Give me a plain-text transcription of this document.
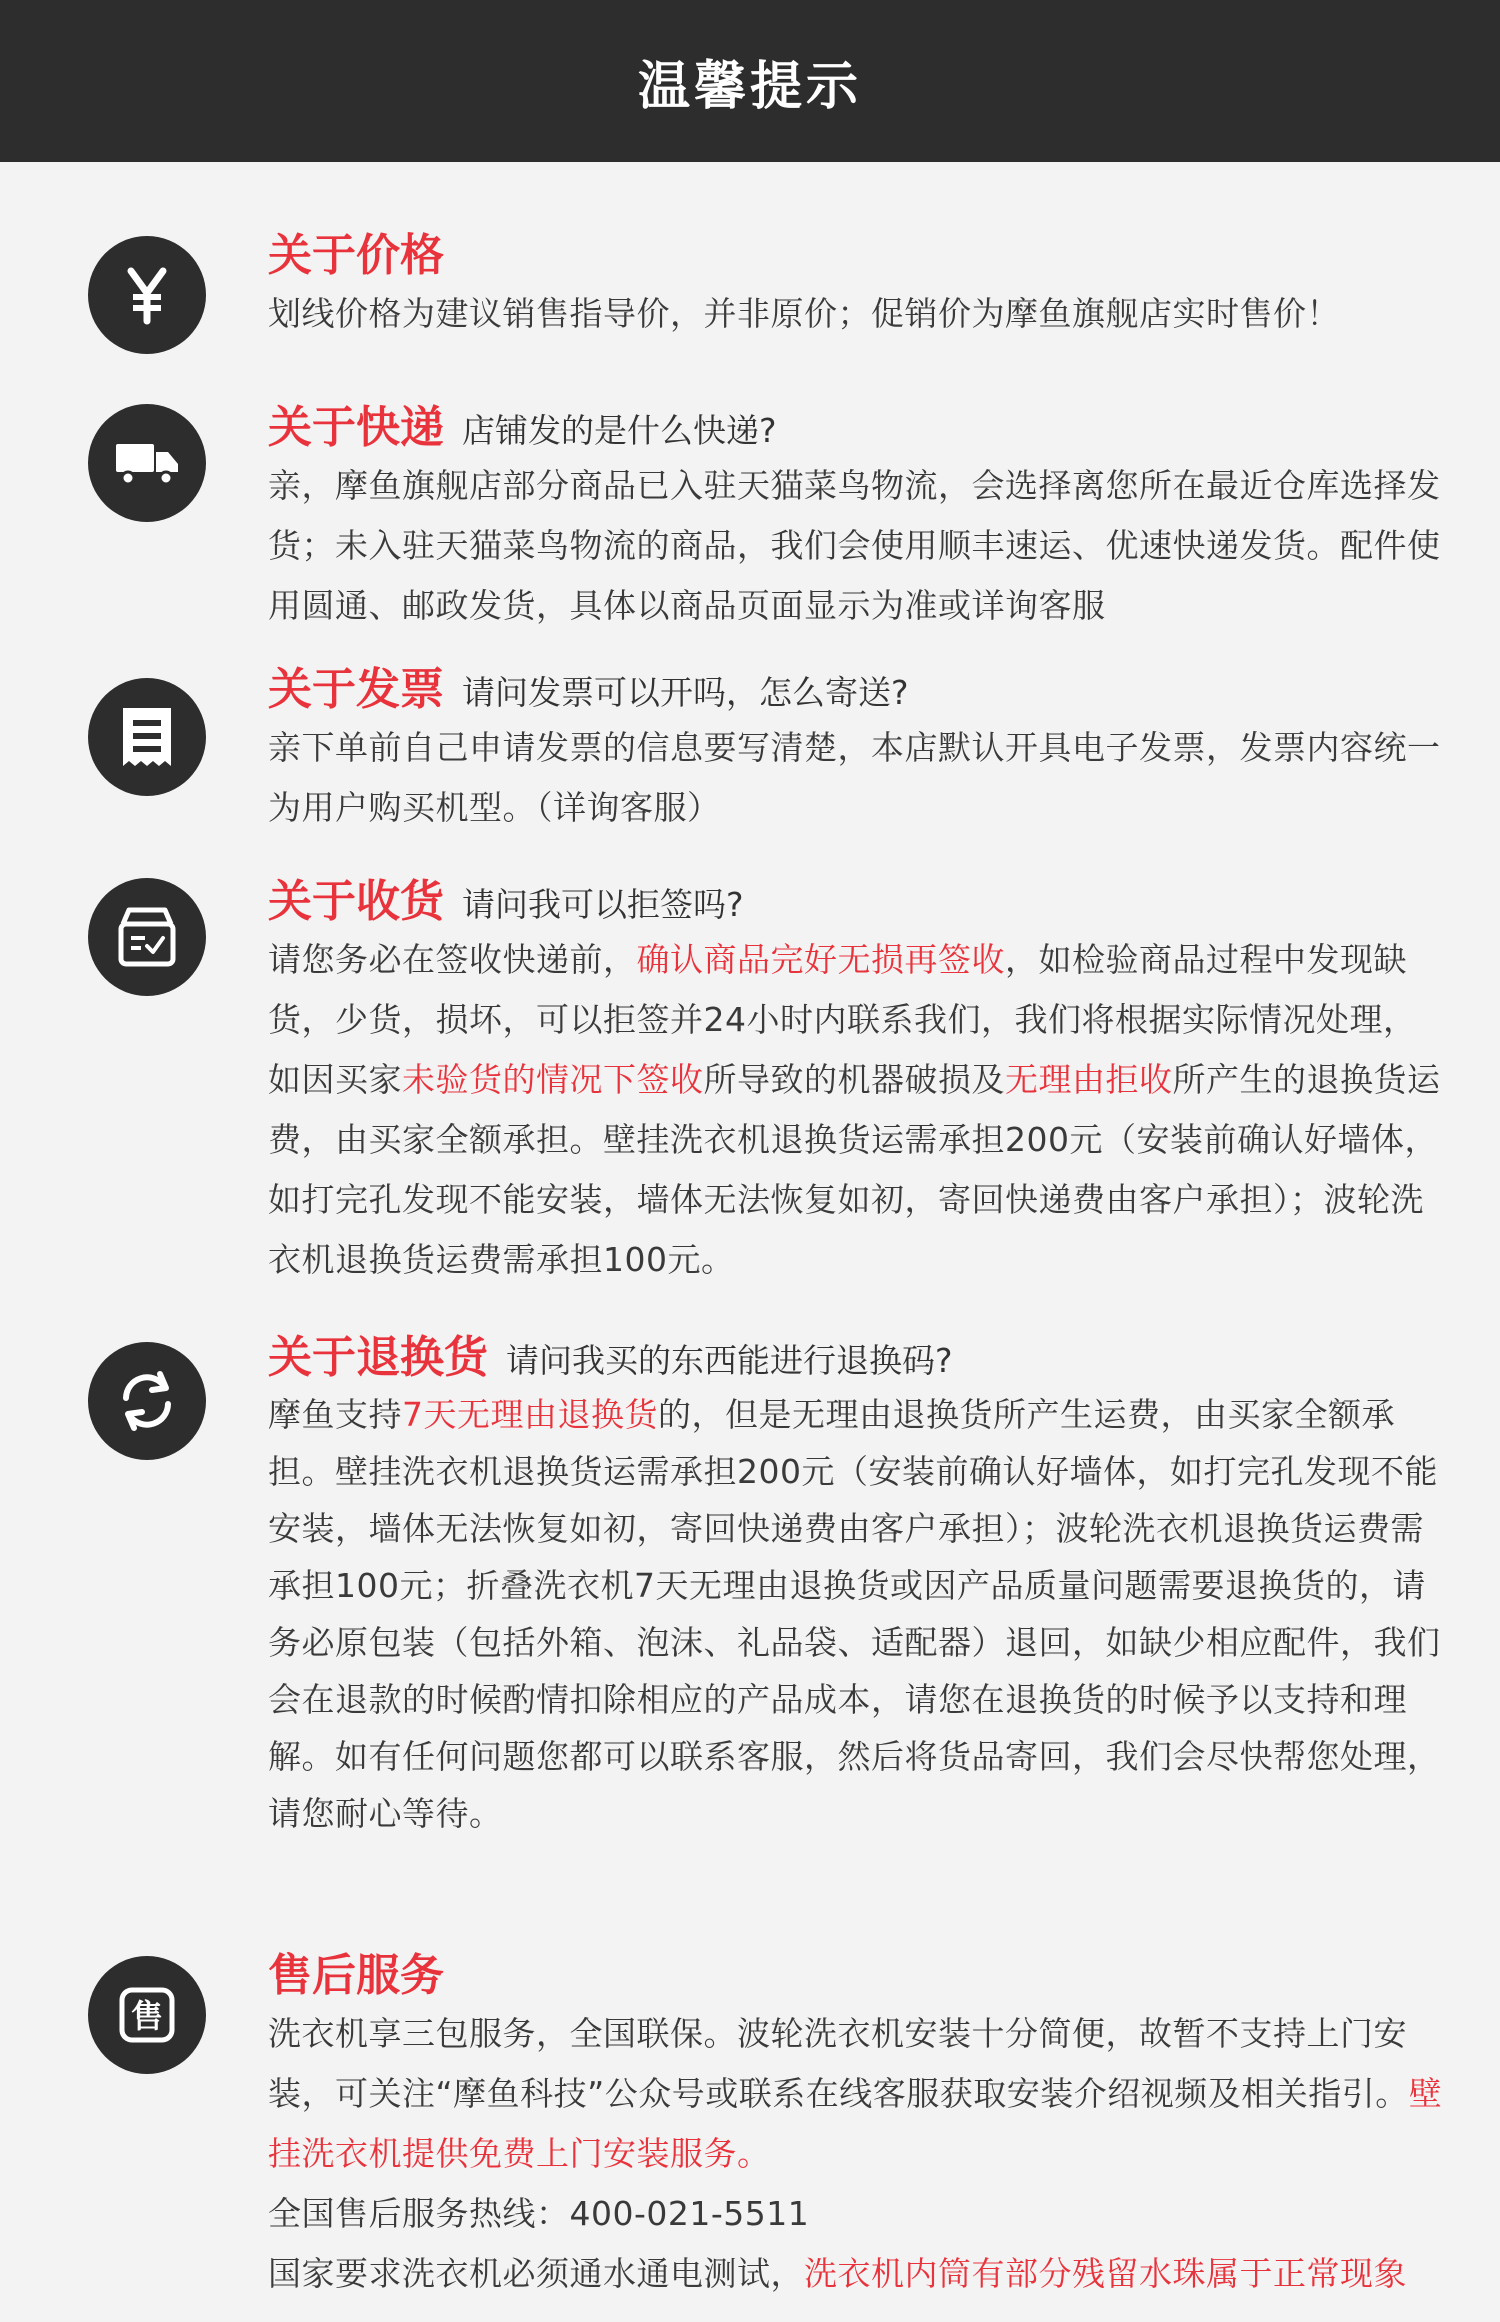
温馨提示
关于价格

划线价格为建议销售指导价，并非原价；促销价为摩鱼旗舰店实时售价！

关于快递 店铺发的是什么快递?

亲，摩鱼旗舰店部分商品已入驻天猫菜鸟物流，会选择离您所在最近仓库选择发货；未入驻天猫菜鸟物流的商品，我们会使用顺丰速运、优速快递发货。配件使用圆通、邮政发货，具体以商品页面显示为准或详询客服

关于发票 请问发票可以开吗，怎么寄送?

亲下单前自己申请发票的信息要写清楚，本店默认开具电子发票，发票内容统一为用户购买机型。（详询客服）

关于收货 请问我可以拒签吗?

请您务必在签收快递前，确认商品完好无损再签收，如检验商品过程中发现缺货，少货，损坏，可以拒签并24小时内联系我们，我们将根据实际情况处理，如因买家未验货的情况下签收所导致的机器破损及无理由拒收所产生的退换货运费，由买家全额承担。壁挂洗衣机退换货运需承担200元（安装前确认好墙体，如打完孔发现不能安装，墙体无法恢复如初，寄回快递费由客户承担）；波轮洗衣机退换货运费需承担100元。

关于退换货 请问我买的东西能进行退换码?

摩鱼支持7天无理由退换货的，但是无理由退换货所产生运费，由买家全额承担。壁挂洗衣机退换货运需承担200元（安装前确认好墙体，如打完孔发现不能安装，墙体无法恢复如初，寄回快递费由客户承担）；波轮洗衣机退换货运费需承担100元；折叠洗衣机7天无理由退换货或因产品质量问题需要退换货的，请务必原包装（包括外箱、泡沫、礼品袋、适配器）退回，如缺少相应配件，我们会在退款的时候酌情扣除相应的产品成本，请您在退换货的时候予以支持和理解。如有任何问题您都可以联系客服，然后将货品寄回，我们会尽快帮您处理，请您耐心等待。

售
售后服务

洗衣机享三包服务，全国联保。波轮洗衣机安装十分简便，故暂不支持上门安装，可关注“摩鱼科技”公众号或联系在线客服获取安装介绍视频及相关指引。壁挂洗衣机提供免费上门安装服务。

全国售后服务热线：400-021-5511

国家要求洗衣机必须通水通电测试，洗衣机内筒有部分残留水珠属于正常现象
